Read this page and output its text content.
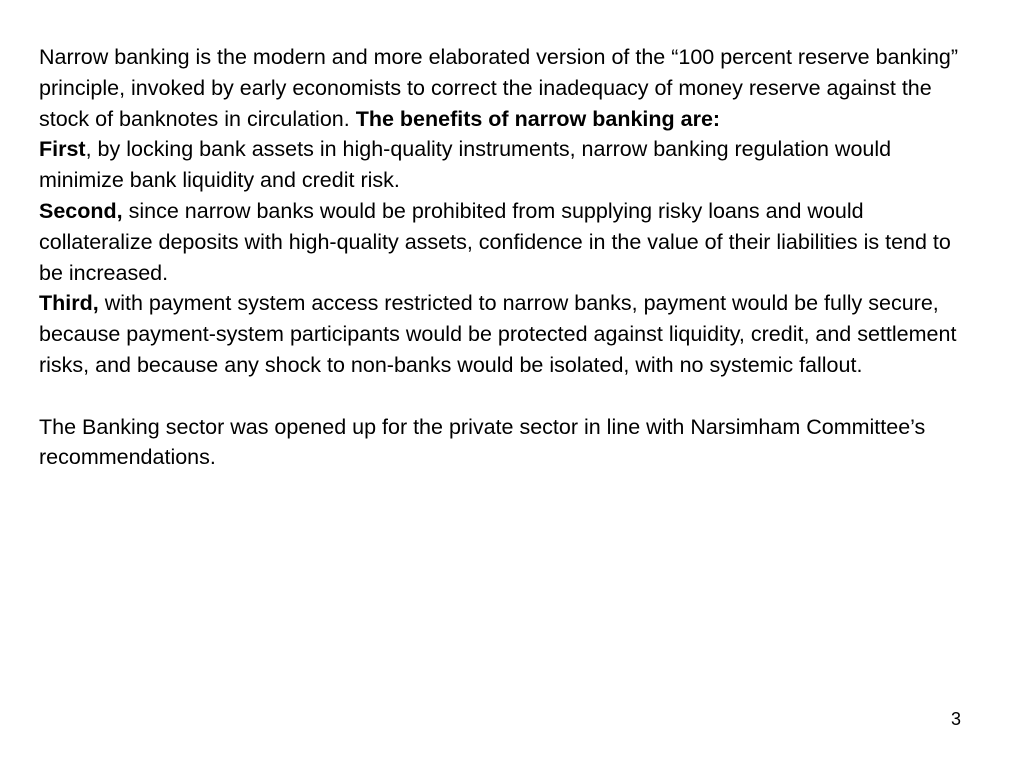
Narrow banking is the modern and more elaborated version of the “100 percent reserve banking” principle, invoked by early economists to correct the inadequacy of money reserve against the stock of banknotes in circulation. The benefits of narrow banking are:

First, by locking bank assets in high-quality instruments, narrow banking regulation would minimize bank liquidity and credit risk.

Second, since narrow banks would be prohibited from supplying risky loans and would collateralize deposits with high-quality assets, confidence in the value of their liabilities is tend to be increased.

Third, with payment system access restricted to narrow banks, payment would be fully secure, because payment-system participants would be protected against liquidity, credit, and settlement risks, and because any shock to non-banks would be isolated, with no systemic fallout.

The Banking sector was opened up for the private sector in line with Narsimham Committee’s recommendations.

3
